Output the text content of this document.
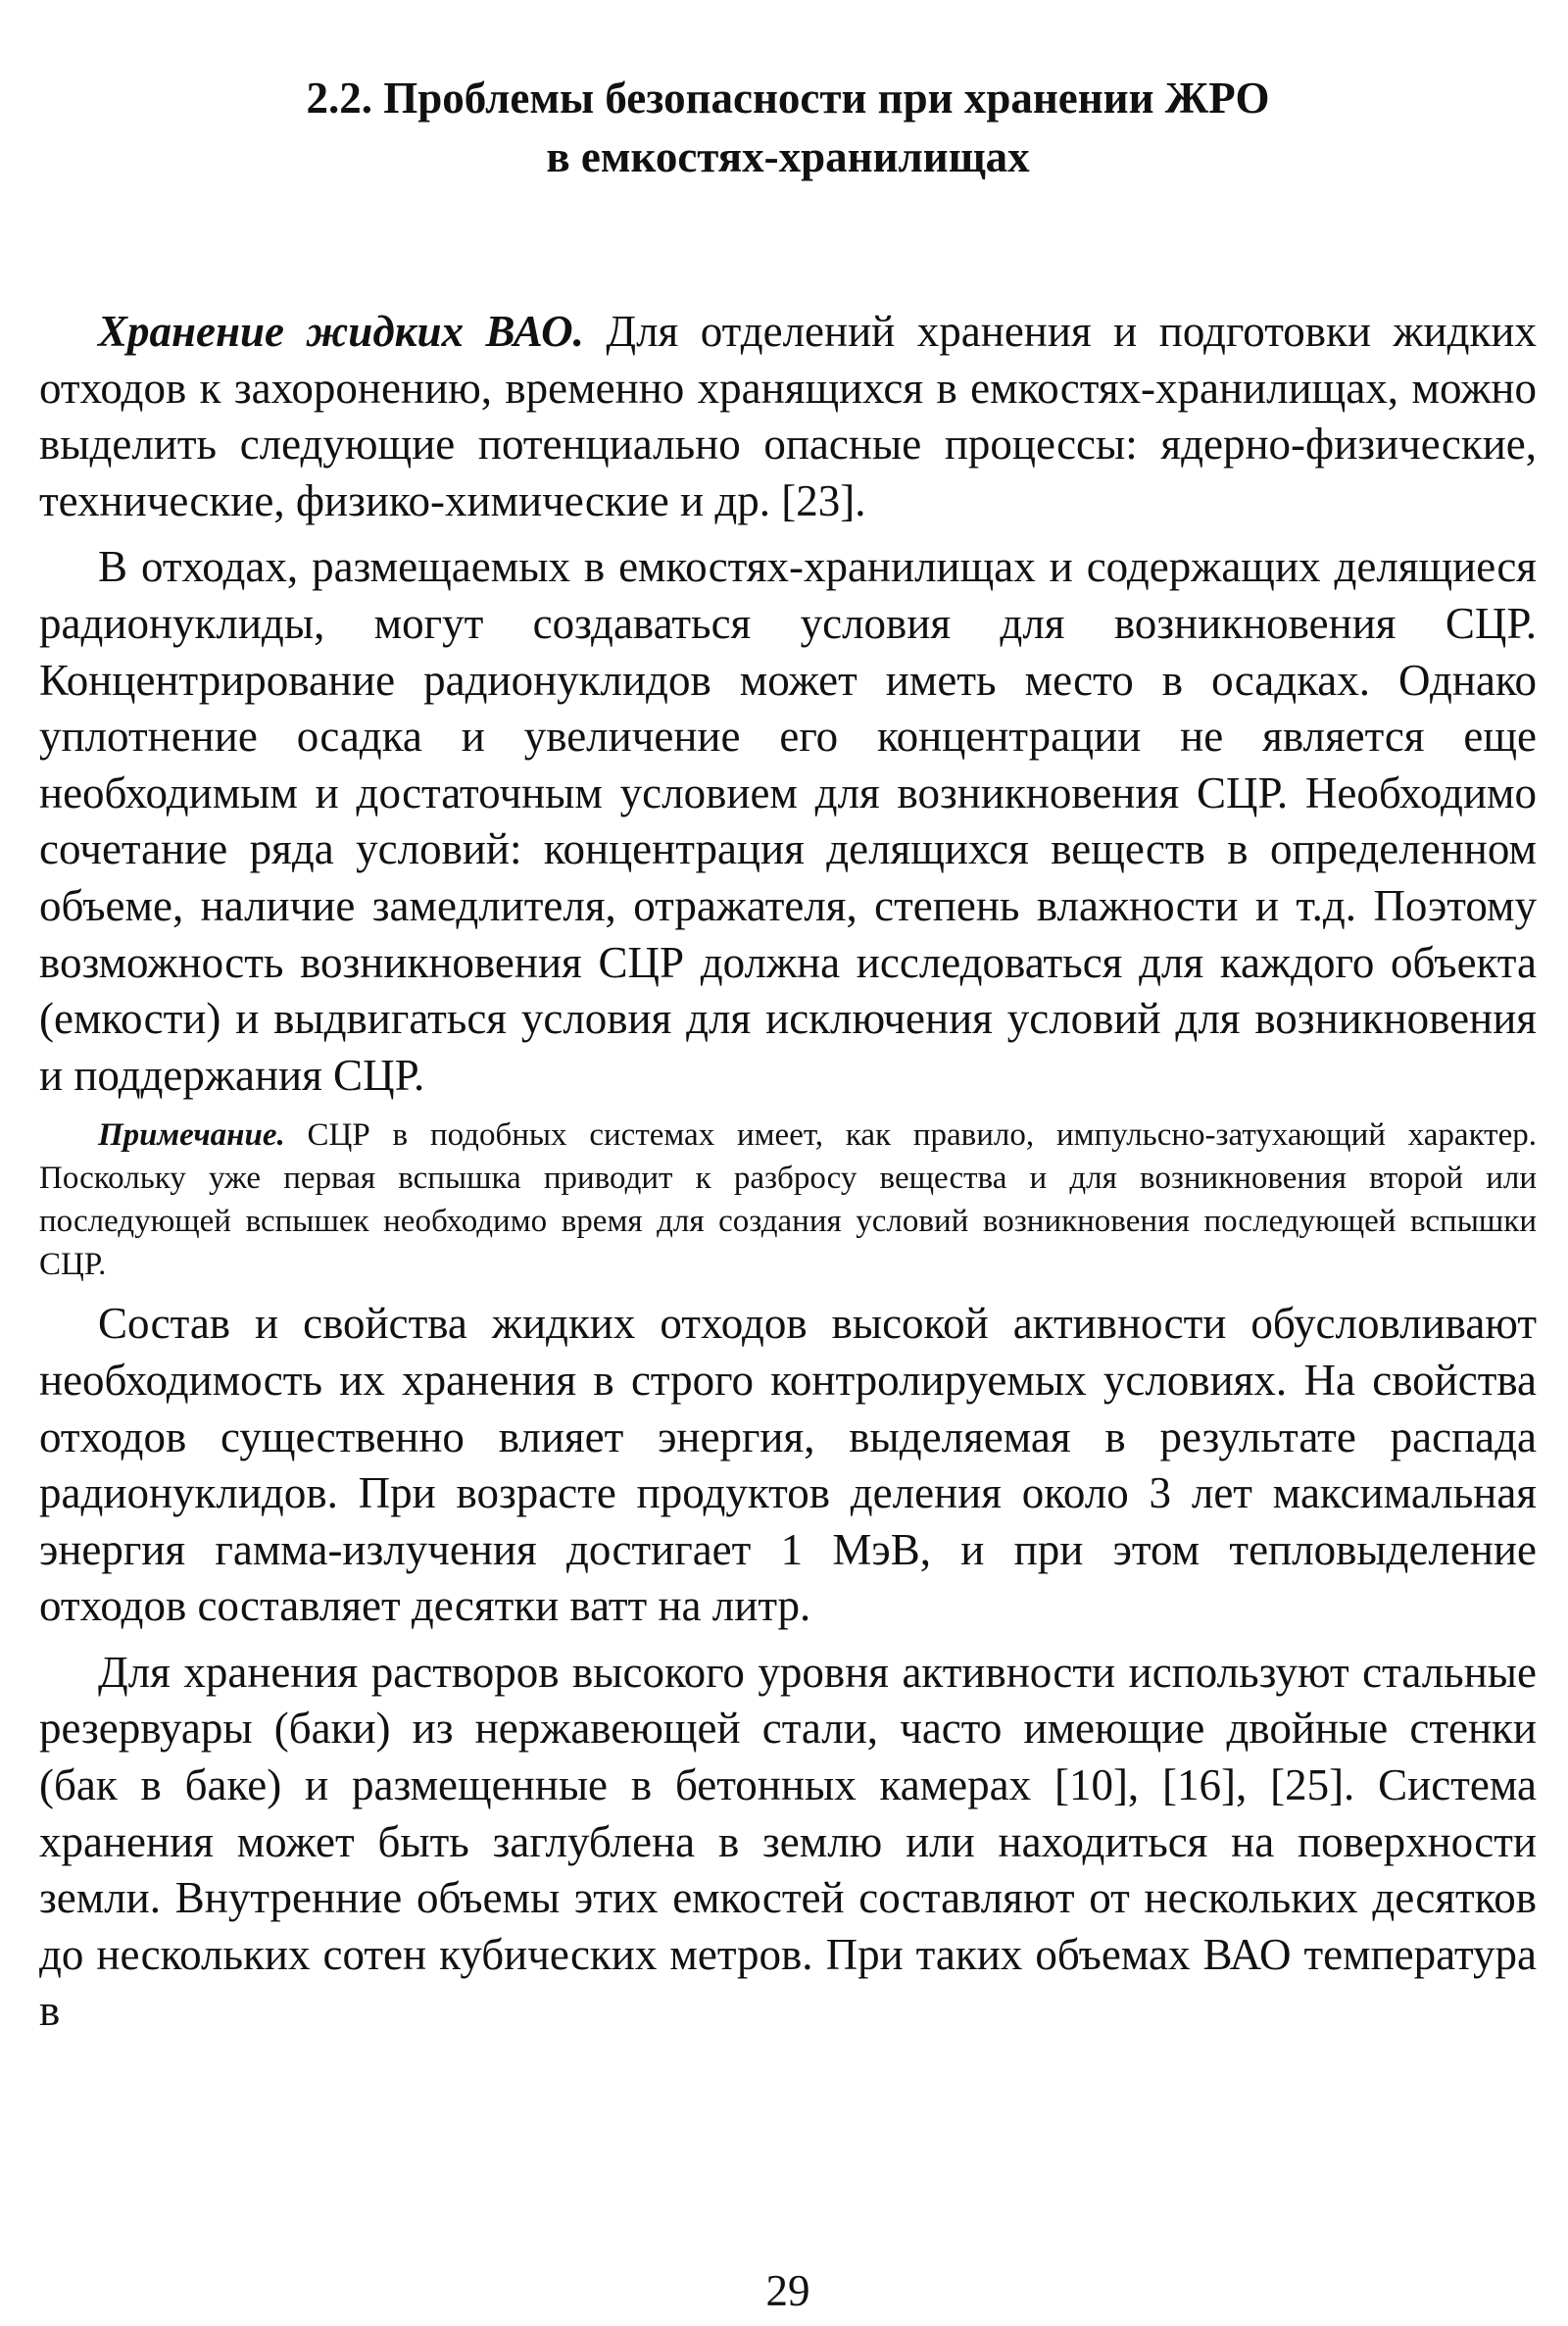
2.2. Проблемы безопасности при хранении ЖРО
в емкостях-хранилищах

Хранение жидких ВАО. Для отделений хранения и подготовки жидких отходов к захоронению, временно хранящихся в емкостях-хранилищах, можно выделить следующие потенциально опасные процессы: ядерно-физические, технические, физико-химические и др. [23].

В отходах, размещаемых в емкостях-хранилищах и содержащих делящиеся радионуклиды, могут создаваться условия для возникновения СЦР. Концентрирование радионуклидов может иметь место в осадках. Однако уплотнение осадка и увеличение его концентрации не является еще необходимым и достаточным условием для возникновения СЦР. Необходимо сочетание ряда условий: концентрация делящихся веществ в определенном объеме, наличие замедлителя, отражателя, степень влажности и т.д. Поэтому возможность возникновения СЦР должна исследоваться для каждого объекта (емкости) и выдвигаться условия для исключения условий для возникновения и поддержания СЦР.

Примечание. СЦР в подобных системах имеет, как правило, импульсно-затухающий характер. Поскольку уже первая вспышка приводит к разбросу вещества и для возникновения второй или последующей вспышек необходимо время для создания условий возникновения последующей вспышки СЦР.

Состав и свойства жидких отходов высокой активности обусловливают необходимость их хранения в строго контролируемых условиях. На свойства отходов существенно влияет энергия, выделяемая в результате распада радионуклидов. При возрасте продуктов деления около 3 лет максимальная энергия гамма-излучения достигает 1 МэВ, и при этом тепловыделение отходов составляет десятки ватт на литр.

Для хранения растворов высокого уровня активности используют стальные резервуары (баки) из нержавеющей стали, часто имеющие двойные стенки (бак в баке) и размещенные в бетонных камерах [10], [16], [25]. Система хранения может быть заглублена в землю или находиться на поверхности земли. Внутренние объемы этих емкостей составляют от нескольких десятков до нескольких сотен кубических метров. При таких объемах ВАО температура в

29
